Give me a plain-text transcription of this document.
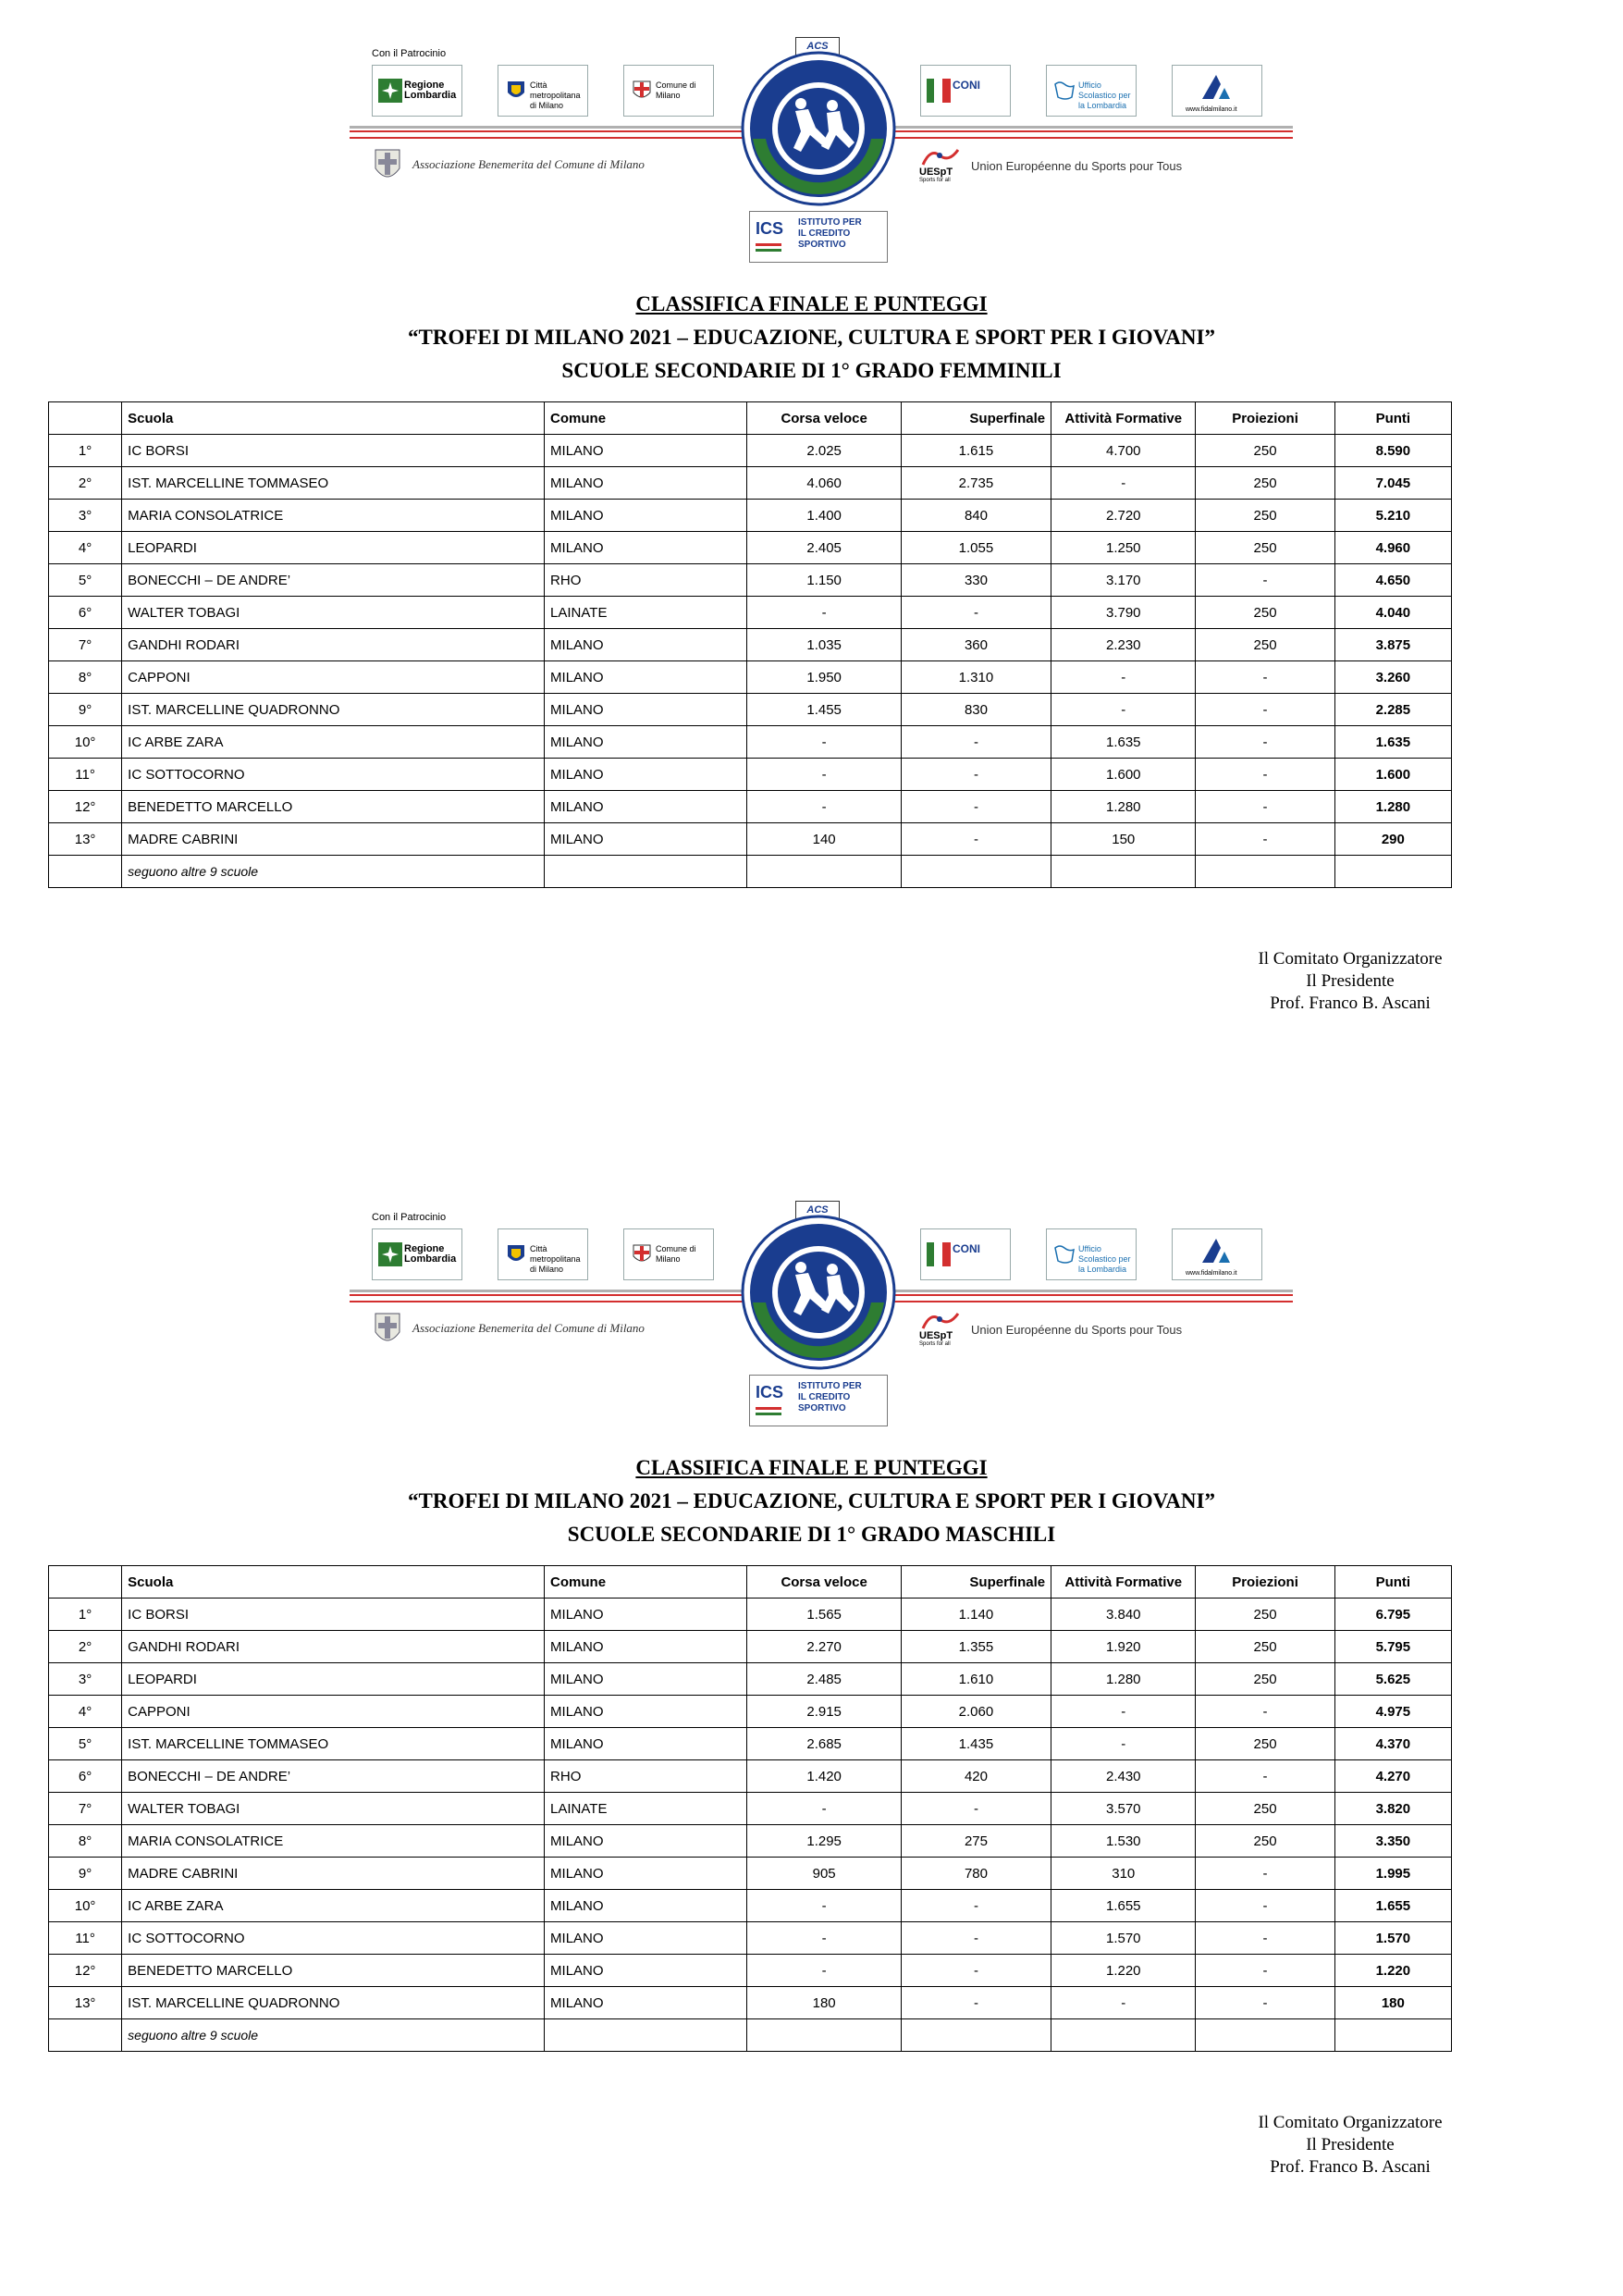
Con il Patrocinio
Regione Lombardia
Città metropolitana di Milano
Comune di Milano
CONI	Ufficio Scolastico per la Lombardia	www.fidalmilano.it
Associazione Benemerita del Comune di Milano
UESpT
Sports for all
Union Européenne du Sports pour Tous
ACS
ICS ISTITUTO PER
IL CREDITO
SPORTIVO
CLASSIFICA FINALE E PUNTEGGI
“TROFEI DI MILANO 2021 – EDUCAZIONE, CULTURA E SPORT PER I GIOVANI”
SCUOLE SECONDARIE DI 1° GRADO FEMMINILI
	Scuola	Comune	Corsa veloce	Superfinale	Attività Formative	Proiezioni	Punti
1°	IC BORSI	MILANO	2.025	1.615	4.700	250	8.590
2°	IST. MARCELLINE TOMMASEO	MILANO	4.060	2.735	-	250	7.045
3°	MARIA CONSOLATRICE	MILANO	1.400	840	2.720	250	5.210
4°	LEOPARDI	MILANO	2.405	1.055	1.250	250	4.960
5°	BONECCHI – DE ANDRE’	RHO	1.150	330	3.170	-	4.650
6°	WALTER TOBAGI	LAINATE	-	-	3.790	250	4.040
7°	GANDHI RODARI	MILANO	1.035	360	2.230	250	3.875
8°	CAPPONI	MILANO	1.950	1.310	-	-	3.260
9°	IST. MARCELLINE QUADRONNO	MILANO	1.455	830	-	-	2.285
10°	IC ARBE ZARA	MILANO	-	-	1.635	-	1.635
11°	IC SOTTOCORNO	MILANO	-	-	1.600	-	1.600
12°	BENEDETTO MARCELLO	MILANO	-	-	1.280	-	1.280
13°	MADRE CABRINI	MILANO	140	-	150	-	290
	seguono altre 9 scuole						
Il Comitato Organizzatore
Il Presidente
Prof. Franco B. Ascani
Con il Patrocinio
Regione Lombardia
Città metropolitana di Milano
Comune di Milano
CONI	Ufficio Scolastico per la Lombardia	www.fidalmilano.it
Associazione Benemerita del Comune di Milano
UESpT
Sports for all
Union Européenne du Sports pour Tous
ACS
ICS ISTITUTO PER
IL CREDITO
SPORTIVO
CLASSIFICA FINALE E PUNTEGGI
“TROFEI DI MILANO 2021 – EDUCAZIONE, CULTURA E SPORT PER I GIOVANI”
SCUOLE SECONDARIE DI 1° GRADO MASCHILI
	Scuola	Comune	Corsa veloce	Superfinale	Attività Formative	Proiezioni	Punti
1°	IC BORSI	MILANO	1.565	1.140	3.840	250	6.795
2°	GANDHI RODARI	MILANO	2.270	1.355	1.920	250	5.795
3°	LEOPARDI	MILANO	2.485	1.610	1.280	250	5.625
4°	CAPPONI	MILANO	2.915	2.060	-	-	4.975
5°	IST. MARCELLINE TOMMASEO	MILANO	2.685	1.435	-	250	4.370
6°	BONECCHI – DE ANDRE’	RHO	1.420	420	2.430	-	4.270
7°	WALTER TOBAGI	LAINATE	-	-	3.570	250	3.820
8°	MARIA CONSOLATRICE	MILANO	1.295	275	1.530	250	3.350
9°	MADRE CABRINI	MILANO	905	780	310	-	1.995
10°	IC ARBE ZARA	MILANO	-	-	1.655	-	1.655
11°	IC SOTTOCORNO	MILANO	-	-	1.570	-	1.570
12°	BENEDETTO MARCELLO	MILANO	-	-	1.220	-	1.220
13°	IST. MARCELLINE QUADRONNO	MILANO	180	-	-	-	180
	seguono altre 9 scuole						
Il Comitato Organizzatore
Il Presidente
Prof. Franco B. Ascani
